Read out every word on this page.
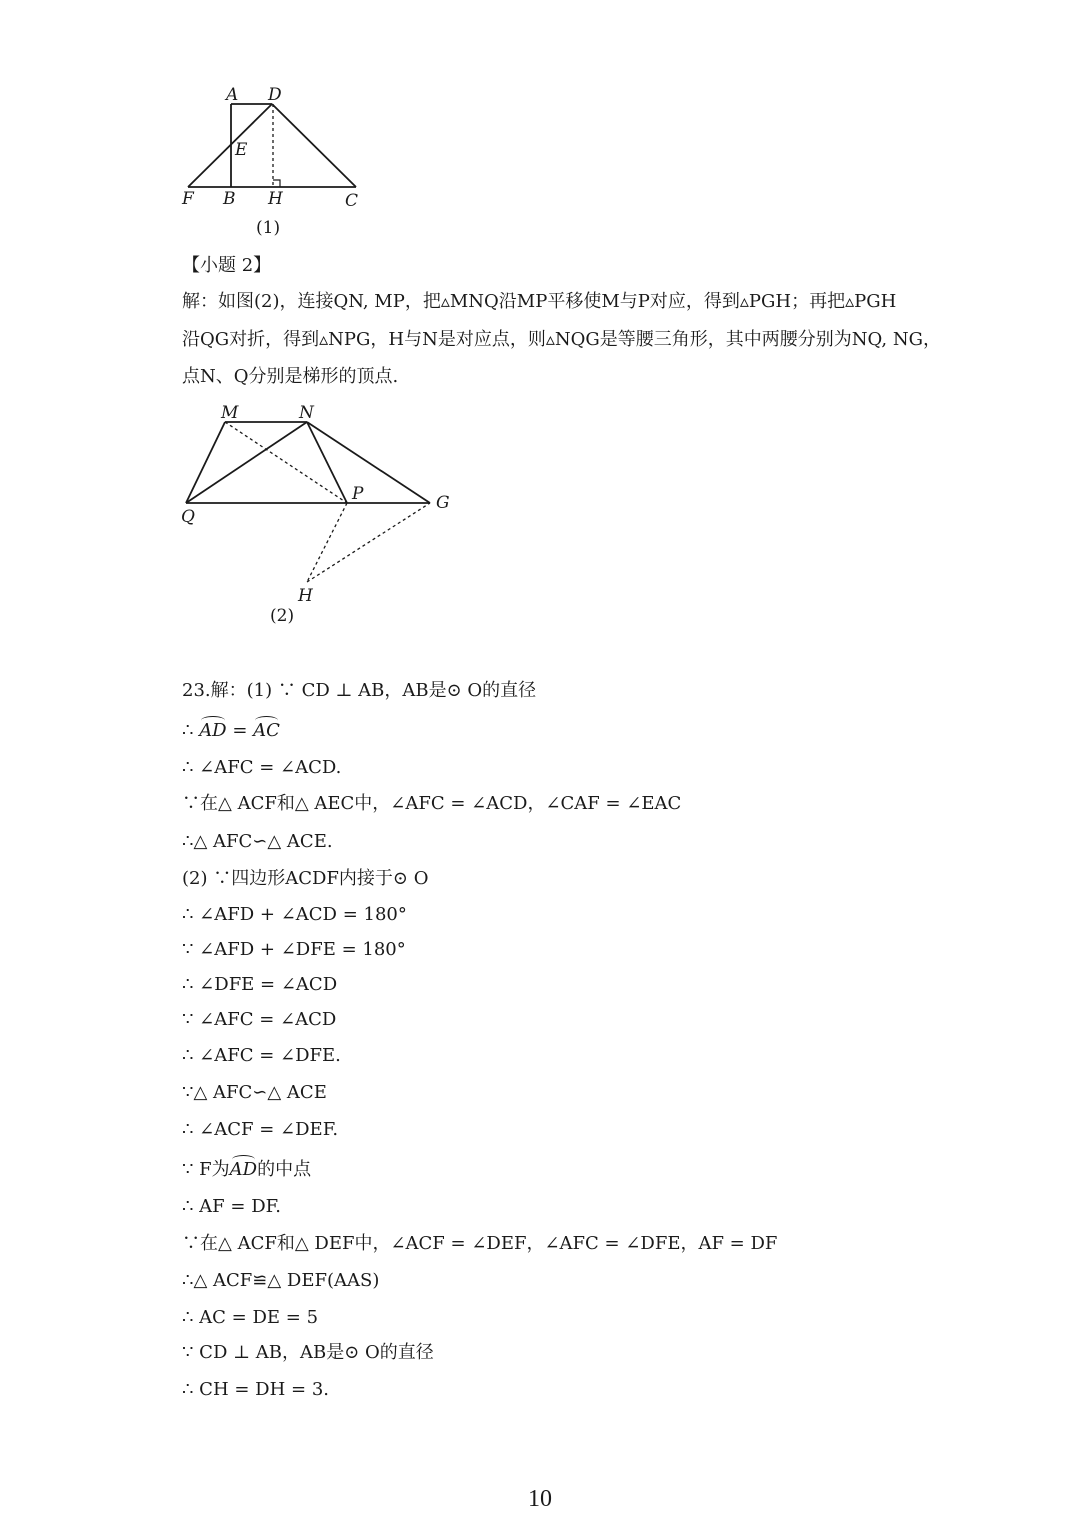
A D
E
F B H	C
(1)
M	N
Q
P	G
H
(2)
【小题 2】
解：如图(2)，连接QN, MP，把▵MNQ沿MP平移使M与P对应，得到▵PGH；再把▵PGH
沿QG对折，得到▵NPG，H与N是对应点，则▵NQG是等腰三角形，其中两腰分别为NQ, NG，
点N、Q分别是梯形的顶点.
23.解：(1) ∵ CD ⊥ AB，AB是⊙ O的直径
∴ AD = AC
∴ ∠AFC = ∠ACD.
∵在△ ACF和△ AEC中，∠AFC = ∠ACD，∠CAF = ∠EAC
∴△ AFC∽△ ACE.
(2) ∵四边形ACDF内接于⊙ O
∴ ∠AFD + ∠ACD = 180°
∵ ∠AFD + ∠DFE = 180°
∴ ∠DFE = ∠ACD
∵ ∠AFC = ∠ACD
∴ ∠AFC = ∠DFE.
∵△ AFC∽△ ACE
∴ ∠ACF = ∠DEF.
∵ F为AD的中点
∴ AF = DF.
∵在△ ACF和△ DEF中，∠ACF = ∠DEF，∠AFC = ∠DFE，AF = DF
∴△ ACF≌△ DEF(AAS)
∴ AC = DE = 5
∵ CD ⊥ AB，AB是⊙ O的直径
∴ CH = DH = 3.
10
